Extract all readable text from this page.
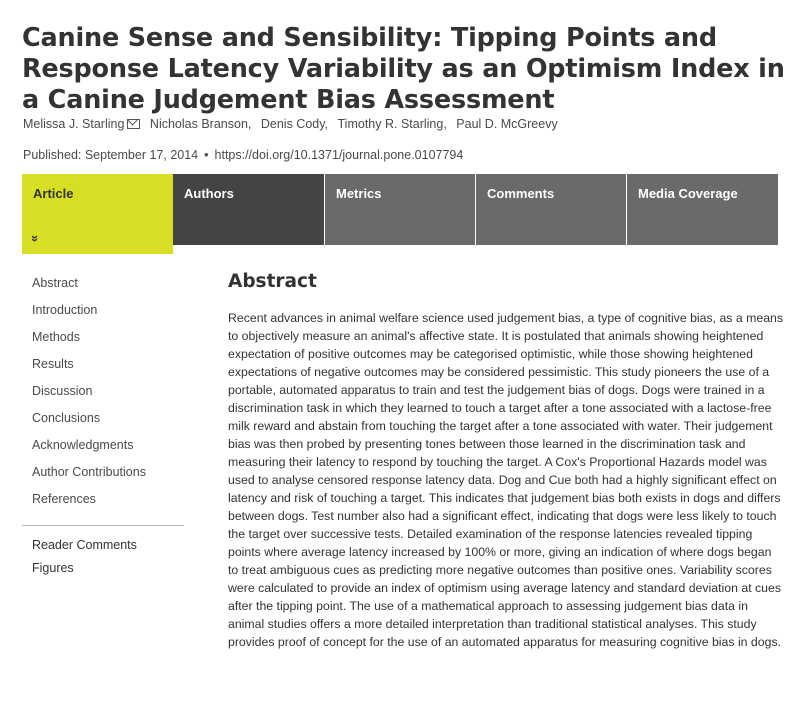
Canine Sense and Sensibility: Tipping Points and Response Latency Variability as an Optimism Index in a Canine Judgement Bias Assessment
Melissa J. Starling Nicholas Branson, Denis Cody, Timothy R. Starling, Paul D. McGreevy
Published: September 17, 2014 • https://doi.org/10.1371/journal.pone.0107794
Article
»
Authors	Metrics	Comments	Media Coverage
Abstract
Introduction
Methods
Results
Discussion
Conclusions
Acknowledgments
Author Contributions
References
Reader Comments
Figures
Abstract

Recent advances in animal welfare science used judgement bias, a type of cognitive bias, as a means to objectively measure an animal's affective state. It is postulated that animals showing heightened expectation of positive outcomes may be categorised optimistic, while those showing heightened expectations of negative outcomes may be considered pessimistic. This study pioneers the use of a portable, automated apparatus to train and test the judgement bias of dogs. Dogs were trained in a discrimination task in which they learned to touch a target after a tone associated with a lactose-free milk reward and abstain from touching the target after a tone associated with water. Their judgement bias was then probed by presenting tones between those learned in the discrimination task and measuring their latency to respond by touching the target. A Cox's Proportional Hazards model was used to analyse censored response latency data. Dog and Cue both had a highly significant effect on latency and risk of touching a target. This indicates that judgement bias both exists in dogs and differs between dogs. Test number also had a significant effect, indicating that dogs were less likely to touch the target over successive tests. Detailed examination of the response latencies revealed tipping points where average latency increased by 100% or more, giving an indication of where dogs began to treat ambiguous cues as predicting more negative outcomes than positive ones. Variability scores were calculated to provide an index of optimism using average latency and standard deviation at cues after the tipping point. The use of a mathematical approach to assessing judgement bias data in animal studies offers a more detailed interpretation than traditional statistical analyses. This study provides proof of concept for the use of an automated apparatus for measuring cognitive bias in dogs.
